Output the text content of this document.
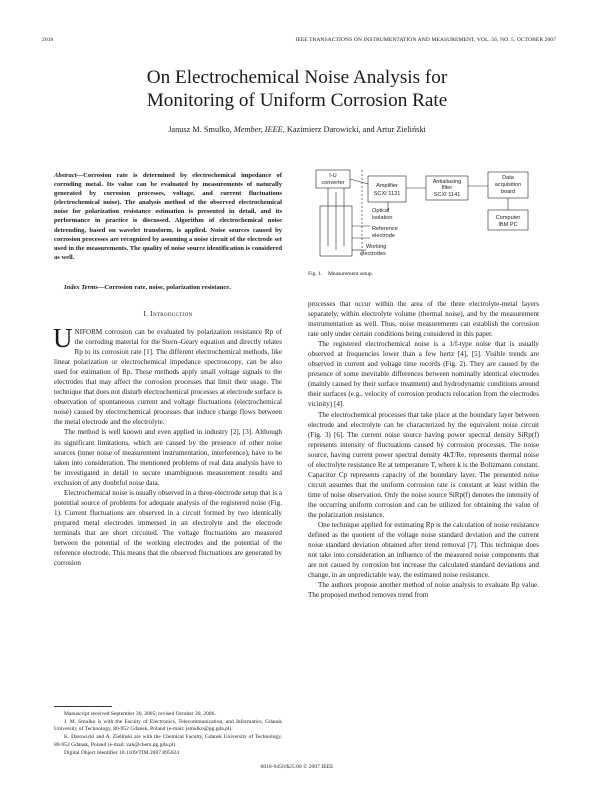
2018	IEEE TRANSACTIONS ON INSTRUMENTATION AND MEASUREMENT, VOL. 56, NO. 5, OCTOBER 2007
On Electrochemical Noise Analysis for
Monitoring of Uniform Corrosion Rate
Janusz M. Smulko, Member, IEEE, Kazimierz Darowicki, and Artur Zieliński
Abstract—Corrosion rate is determined by electrochemical impedance of corroding metal. Its value can be evaluated by measurements of naturally generated by corrosion processes, voltage, and current fluctuations (electrochemical noise). The analysis method of the observed electrochemical noise for polarization resistance estimation is presented in detail, and its performance in practice is discussed. Algorithm of electrochemical noise detrending, based on wavelet transform, is applied. Noise sources caused by corrosion processes are recognized by assuming a noise circuit of the electrode set used in the measurements. The quality of noise source identification is considered as well.
Index Terms—Corrosion rate, noise, polarization resistance.
I. Introduction

UNIFORM corrosion can be evaluated by polarization resistance Rp of the corroding material for the Stern–Geary equation and directly relates Rp to its corrosion rate [1]. The different electrochemical methods, like linear polarization or electrochemical impedance spectroscopy, can be also used for estimation of Rp. These methods apply small voltage signals to the electrodes that may affect the corrosion processes that limit their usage. The technique that does not disturb electrochemical processes at electrode surface is observation of spontaneous current and voltage fluctuations (electrochemical noise) caused by electrochemical processes that induce charge flows between the metal electrode and the electrolyte.

The method is well known and even applied in industry [2], [3]. Although its significant limitations, which are caused by the presence of other noise sources (inner noise of measurement instrumentation, interference), have to be taken into consideration. The mentioned problems of real data analysis have to be investigated in detail to secure unambiguous measurement results and exclusion of any doubtful noise data.

Electrochemical noise is usually observed in a three-electrode setup that is a potential source of problems for adequate analysis of the registered noise (Fig. 1). Current fluctuations are observed in a circuit formed by two identically prepared metal electrodes immersed in an electrolyte and the electrode terminals that are short circuited. The voltage fluctuations are measured between the potential of the working electrodes and the potential of the reference electrode. This means that the observed fluctuations are generated by corrosion

Manuscript received September 30, 2005; revised October 30, 2006.

J. M. Smulko is with the Faculty of Electronics, Telecommunication, and Informatics, Gdansk University of Technology, 80-952 Gdansk, Poland (e-mail: jsmulko@pg.gda.pl).

K. Darowicki and A. Zieliński are with the Chemical Faculty, Gdansk University of Technology, 80-952 Gdansk, Poland (e-mail: zak@chem.pg.gda.pl).

Digital Object Identifier 10.1109/TIM.2007.895624

I-U
converter	Amplifier
SCXI 1121
Antialiasing
filter
SCXI 1141
Data
acquisition
board
Computer
IBM PC
Optical
isolation
Reference
electrode
Working
electrodes
Fig. 1.    Measurement setup.

processes that occur within the area of the three electrolyte-metal layers separately, within electrolyte volume (thermal noise), and by the measurement instrumentation as well. Thus, noise measurements can establish the corrosion rate only under certain conditions being considered in this paper.

The registered electrochemical noise is a 1/f-type noise that is usually observed at frequencies lower than a few hertz [4], [5]. Visible trends are observed in current and voltage time records (Fig. 2). They are caused by the presence of some inevitable differences between nominally identical electrodes (mainly caused by their surface treatment) and hydrodynamic conditions around their surfaces (e.g., velocity of corrosion products relocation from the electrodes vicinity) [4].

The electrochemical processes that take place at the boundary layer between electrode and electrolyte can be characterized by the equivalent noise circuit (Fig. 3) [6]. The current noise source having power spectral density SiRp(f) represents intensity of fluctuations caused by corrosion processes. The noise source, having current power spectral density 4kT/Re, represents thermal noise of electrolyte resistance Re at temperature T, where k is the Boltzmann constant. Capacitor Cp represents capacity of the boundary layer. The presented noise circuit assumes that the uniform corrosion rate is constant at least within the time of noise observation. Only the noise source SiRp(f) denotes the intensity of the occurring uniform corrosion and can be utilized for obtaining the value of the polarization resistance.

One technique applied for estimating Rp is the calculation of noise resistance defined as the quotient of the voltage noise standard deviation and the current noise standard deviation obtained after trend removal [7]. This technique does not take into consideration an influence of the measured noise components that are not caused by corrosion but increase the calculated standard deviations and change, in an unpredictable way, the estimated noise resistance.

The authors propose another method of noise analysis to evaluate Rp value. The proposed method removes trend from

0018-9456/$25.00 © 2007 IEEE
